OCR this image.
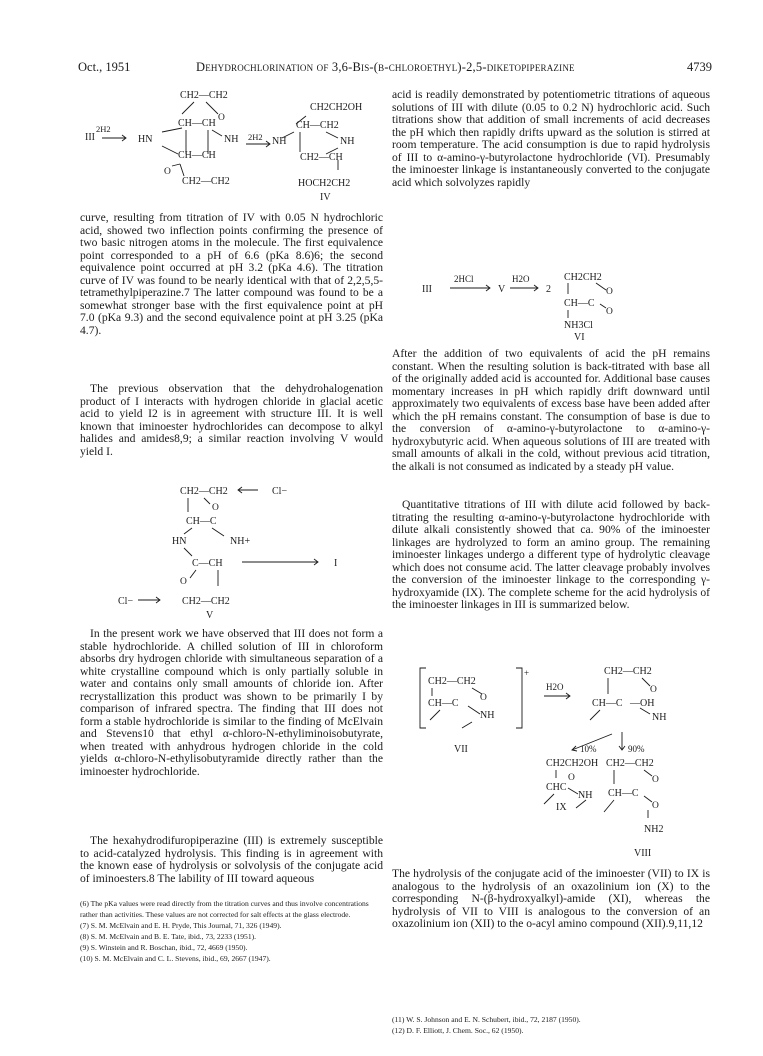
Oct., 1951	Dehydrochlorination of 3,6-Bis-(β-chloroethyl)-2,5-diketopiperazine	4739
CH2—CH2
O
CH—CH
III
2H2
HN	NH 2H2
CH—CH
O
CH2—CH2
CH2CH2OH
CH—CH2
NH	NH
CH2—CH
HOCH2CH2
IV
curve, resulting from titration of IV with 0.05 N hydrochloric acid, showed two inflection points confirming the presence of two basic nitrogen atoms in the molecule. The first equivalence point corresponded to a pH of 6.6 (pKa 8.6)6; the second equivalence point occurred at pH 3.2 (pKa 4.6). The titration curve of IV was found to be nearly identical with that of 2,2,5,5-tetramethylpiperazine.7 The latter compound was found to be a somewhat stronger base with the first equivalence point at pH 7.0 (pKa 9.3) and the second equivalence point at pH 3.25 (pKa 4.7).
The previous observation that the dehydrohalogenation product of I interacts with hydrogen chloride in glacial acetic acid to yield I2 is in agreement with structure III. It is well known that iminoester hydrochlorides can decompose to alkyl halides and amides8,9; a similar reaction involving V would yield I.
CH2—CH2	Cl−
O
CH—C
HN	NH+
C—CH	I
O
Cl−	CH2—CH2
V
In the present work we have observed that III does not form a stable hydrochloride. A chilled solution of III in chloroform absorbs dry hydrogen chloride with simultaneous separation of a white crystalline compound which is only partially soluble in water and contains only small amounts of chloride ion. After recrystallization this product was shown to be primarily I by comparison of infrared spectra. The finding that III does not form a stable hydrochloride is similar to the finding of McElvain and Stevens10 that ethyl α-chloro-N-ethyliminoisobutyrate, when treated with anhydrous hydrogen chloride in the cold yields α-chloro-N-ethylisobutyramide directly rather than the iminoester hydrochloride.
The hexahydrodifuropiperazine (III) is extremely susceptible to acid-catalyzed hydrolysis. This finding is in agreement with the known ease of hydrolysis or solvolysis of the conjugate acid of iminoesters.8 The lability of III toward aqueous
(6) The pKa values were read directly from the titration curves and thus involve concentrations rather than activities. These values are not corrected for salt effects at the glass electrode.
(7) S. M. McElvain and E. H. Pryde, This Journal, 71, 326 (1949).
(8) S. M. McElvain and B. E. Tate, ibid., 73, 2233 (1951).
(9) S. Winstein and R. Boschan, ibid., 72, 4669 (1950).
(10) S. M. McElvain and C. L. Stevens, ibid., 69, 2667 (1947).
acid is readily demonstrated by potentiometric titrations of aqueous solutions of III with dilute (0.05 to 0.2 N) hydrochloric acid. Such titrations show that addition of small increments of acid decreases the pH which then rapidly drifts upward as the solution is stirred at room temperature. The acid consumption is due to rapid hydrolysis of III to α-amino-γ-butyrolactone hydrochloride (VI). Presumably the iminoester linkage is instantaneously converted to the conjugate acid which solvolyzes rapidly
III
2HCl
V
H2O
2
CH2CH2
O
CH—C
O
NH3Cl
VI
After the addition of two equivalents of acid the pH remains constant. When the resulting solution is back-titrated with base all of the originally added acid is accounted for. Additional base causes momentary increases in pH which rapidly drift downward until approximately two equivalents of excess base have been added after which the pH remains constant. The consumption of base is due to the conversion of α-amino-γ-butyrolactone to α-amino-γ-hydroxybutyric acid. When aqueous solutions of III are treated with small amounts of alkali in the cold, without previous acid titration, the alkali is not consumed as indicated by a steady pH value.
Quantitative titrations of III with dilute acid followed by back-titrating the resulting α-amino-γ-butyrolactone hydrochloride with dilute alkali consistently showed that ca. 90% of the iminoester linkages are hydrolyzed to form an amino group. The remaining iminoester linkages undergo a different type of hydrolytic cleavage which does not consume acid. The latter cleavage probably involves the conversion of the iminoester linkage to the corresponding γ-hydroxyamide (IX). The complete scheme for the acid hydrolysis of the iminoester linkages in III is summarized below.
+
CH2—CH2
O
CH—C
NH
H2O
CH2—CH2
O
CH—C —OH
NH
VII	10%	90%
CH2CH2OH
O
CHC
NH
IX
CH2—CH2
O
CH—C
O
NH2
VIII
The hydrolysis of the conjugate acid of the iminoester (VII) to IX is analogous to the hydrolysis of an oxazolinium ion (X) to the corresponding N-(β-hydroxyalkyl)-amide (XI), whereas the hydrolysis of VII to VIII is analogous to the conversion of an oxazolinium ion (XII) to the o-acyl amino compound (XII).9,11,12
(11) W. S. Johnson and E. N. Schubert, ibid., 72, 2187 (1950).
(12) D. F. Elliott, J. Chem. Soc., 62 (1950).
